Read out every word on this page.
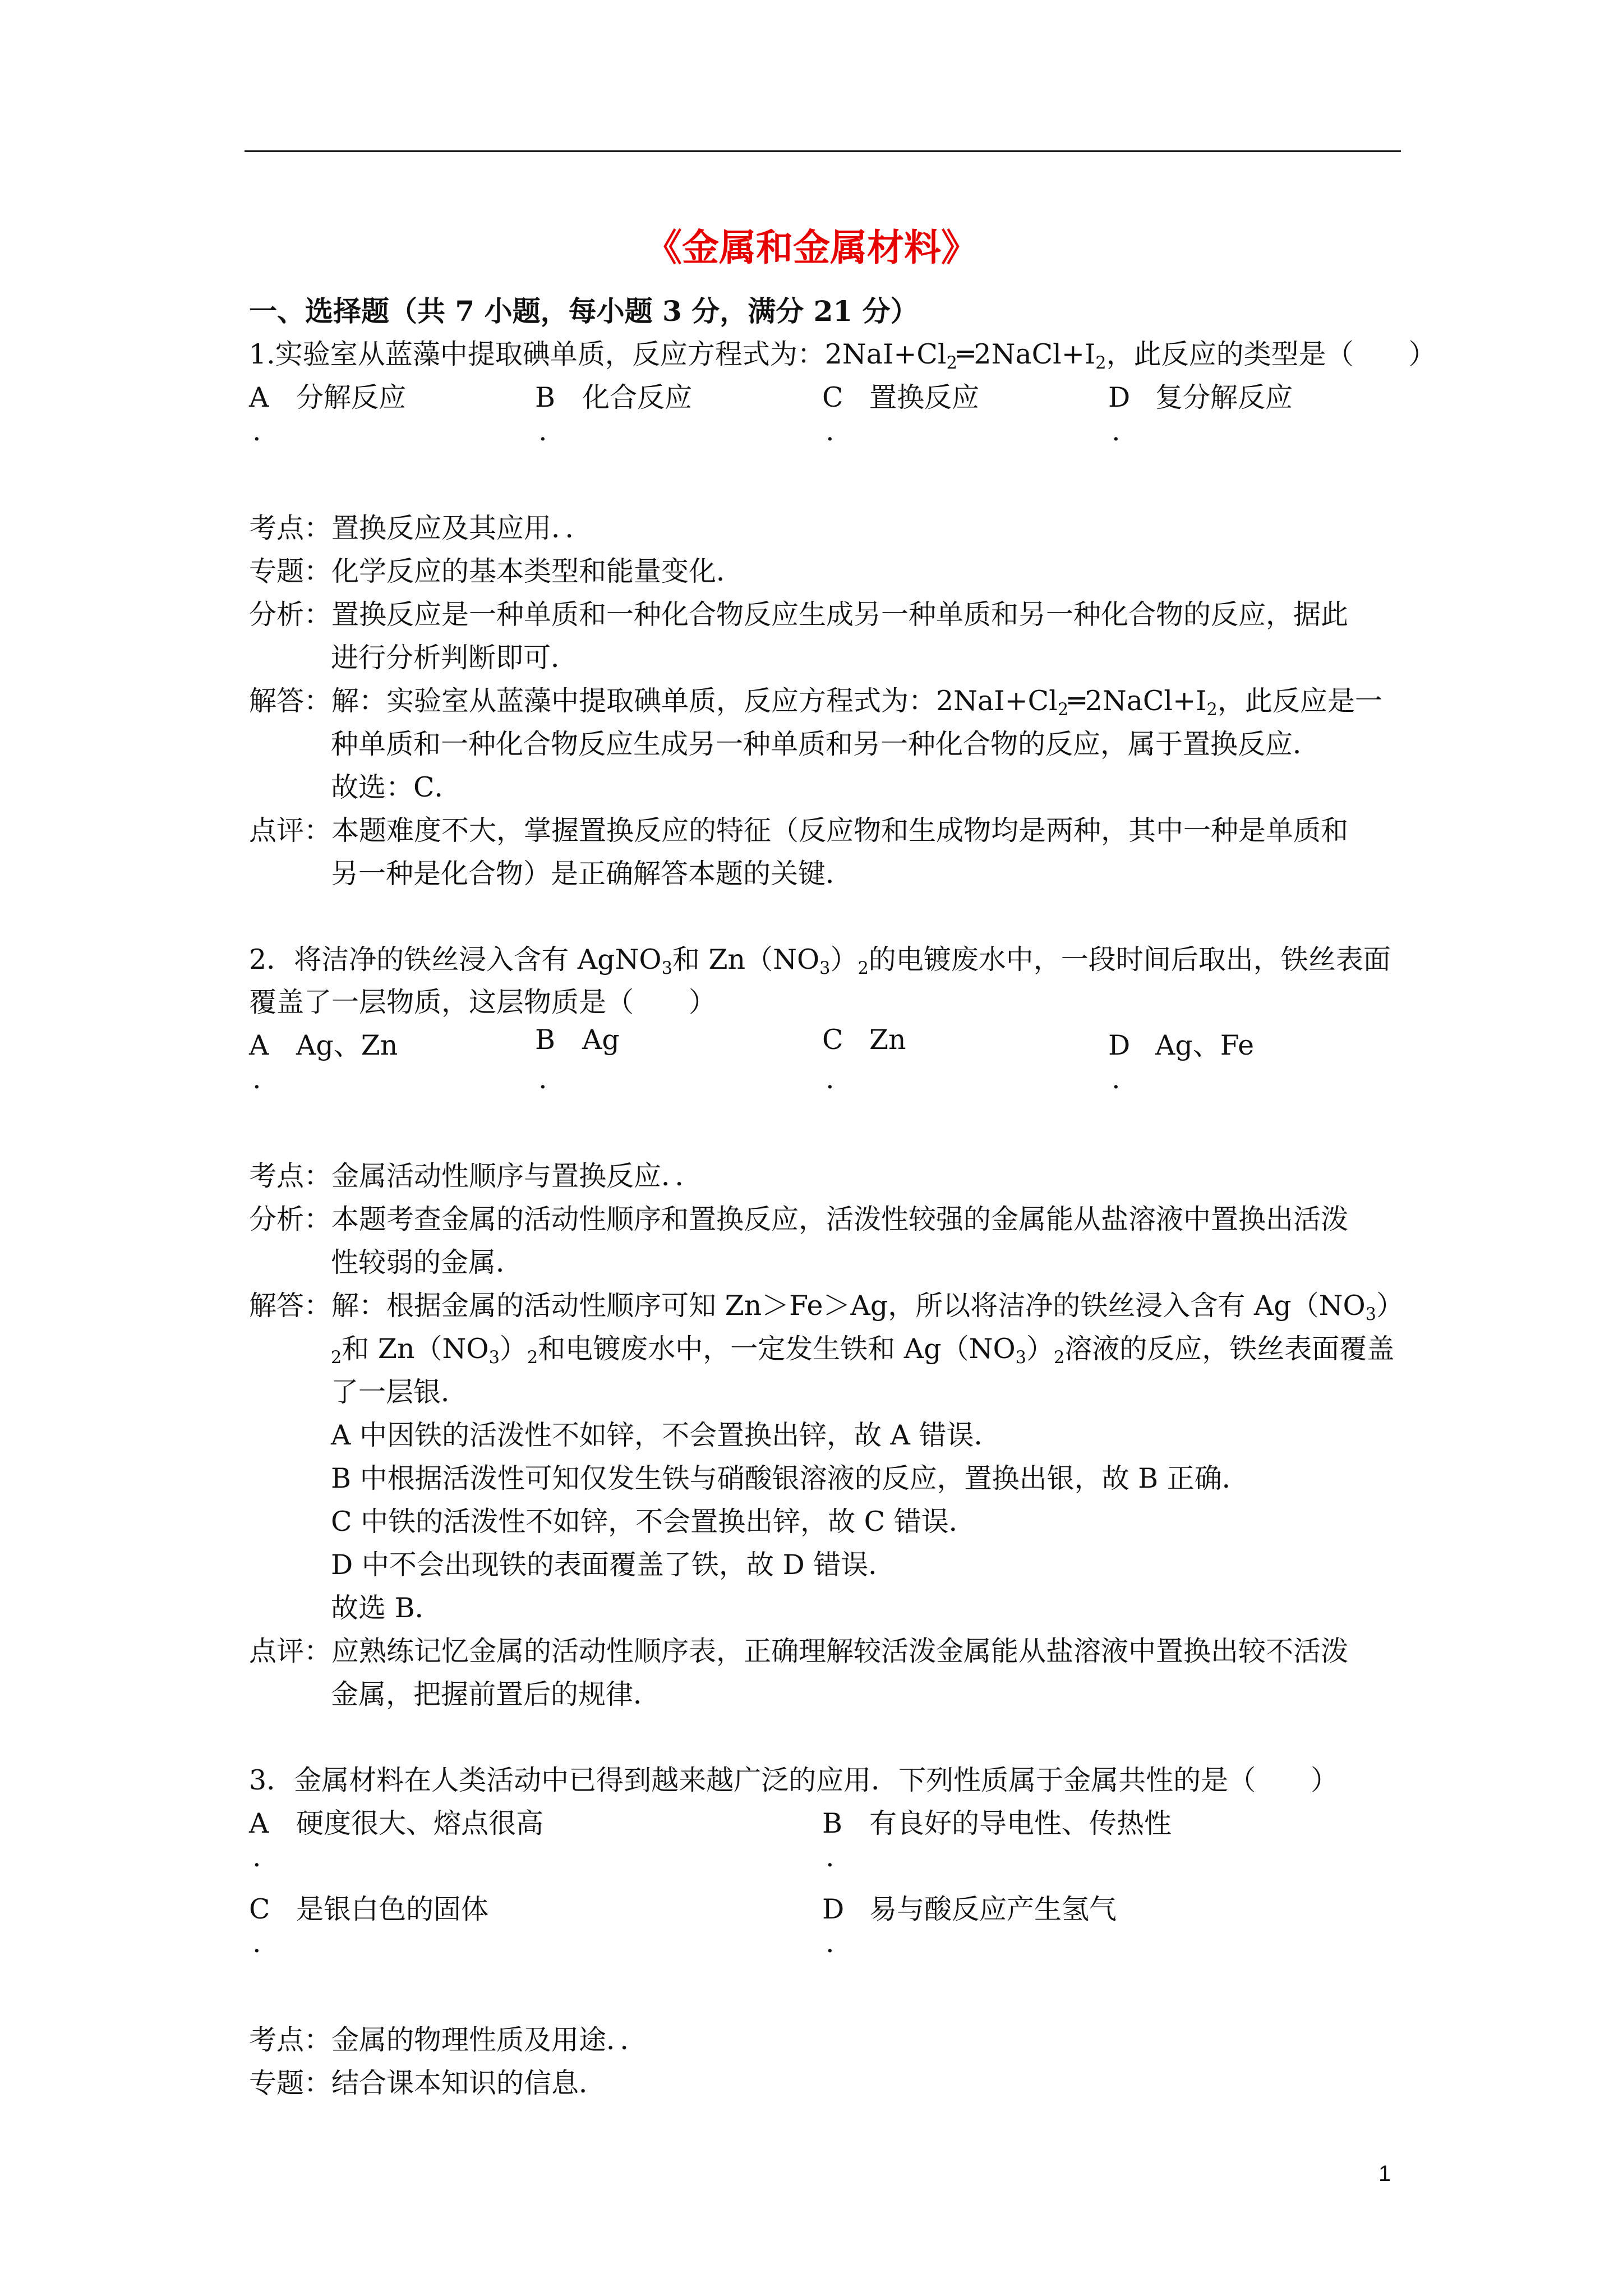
《金属和金属材料》
一、选择题（共 7 小题，每小题 3 分，满分 21 分）
1.实验室从蓝藻中提取碘单质，反应方程式为：$2NaI+Cl_2═2NaCl+I_2$，此反应的类型是（　　）
A 分解反应	B 化合反应	C 置换反应	D 复分解反应
.	.	.	.
考点：置换反应及其应用．．
专题：化学反应的基本类型和能量变化．
分析：置换反应是一种单质和一种化合物反应生成另一种单质和另一种化合物的反应，据此
进行分析判断即可．
解答：解：实验室从蓝藻中提取碘单质，反应方程式为：$2NaI+Cl_2═2NaCl+I_2$，此反应是一
种单质和一种化合物反应生成另一种单质和另一种化合物的反应，属于置换反应．
故选：C．
点评：本题难度不大，掌握置换反应的特征（反应物和生成物均是两种，其中一种是单质和
另一种是化合物）是正确解答本题的关键．
2．将洁净的铁丝浸入含有 AgNO$_3$和 $Zn(NO_3)_2$的电镀废水中，一段时间后取出，铁丝表面
覆盖了一层物质，这层物质是（　　）
A Ag、Zn	B Ag	C Zn	D Ag、Fe
.	.	.	.
考点：金属活动性顺序与置换反应．．
分析：本题考查金属的活动性顺序和置换反应，活泼性较强的金属能从盐溶液中置换出活泼
性较弱的金属．
解答：解：根据金属的活动性顺序可知 Zn＞Fe＞Ag，所以将洁净的铁丝浸入含有 $Ag(NO_3)$
$_2$和 $Zn(NO_3)_2$和电镀废水中，一定发生铁和 $Ag(NO_3)_2$溶液的反应，铁丝表面覆盖
了一层银．
A 中因铁的活泼性不如锌，不会置换出锌，故 A 错误．
B 中根据活泼性可知仅发生铁与硝酸银溶液的反应，置换出银，故 B 正确．
C 中铁的活泼性不如锌，不会置换出锌，故 C 错误．
D 中不会出现铁的表面覆盖了铁，故 D 错误．
故选 B．
点评：应熟练记忆金属的活动性顺序表，正确理解较活泼金属能从盐溶液中置换出较不活泼
金属，把握前置后的规律．
3．金属材料在人类活动中已得到越来越广泛的应用．下列性质属于金属共性的是（　　）
A 硬度很大、熔点很高	B 有良好的导电性、传热性
.	.
C 是银白色的固体	D 易与酸反应产生氢气
.	.
考点：金属的物理性质及用途．．
专题：结合课本知识的信息．
1
